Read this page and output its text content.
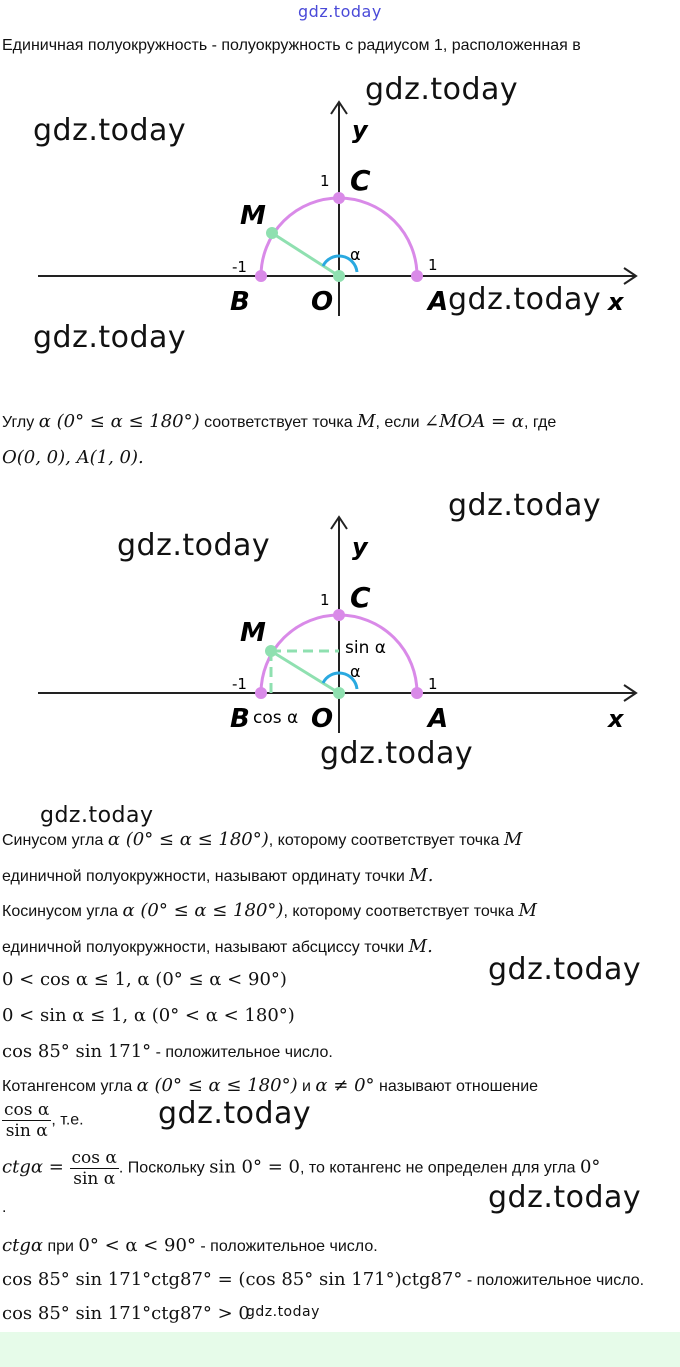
gdz.today
Единичная полуокружность - полуокружность с радиусом 1, расположенная в
y
x
C
1
M
α
-1	1
B O	A
gdz.today
gdz.today
gdz.today
gdz.today
Углу α (0° ≤ α ≤ 180°) соответствует точка M, если ∠MOA = α, где
O(0, 0), A(1, 0).
y
x
C
1
M	sin α
α
-1	1
B cos α O	A
gdz.today
gdz.today
gdz.today
gdz.today
Синусом угла α (0° ≤ α ≤ 180°), которому соответствует точка M
единичной полуокружности, называют ординату точки M.
Косинусом угла α (0° ≤ α ≤ 180°), которому соответствует точка M
единичной полуокружности, называют абсциссу точки M.
gdz.today
0 < cos α ≤ 1, α (0° ≤ α < 90°)
0 < sin α ≤ 1, α (0° < α < 180°)
cos 85° sin 171° - положительное число.
Котангенсом угла α (0° ≤ α ≤ 180°) и α ≠ 0° называют отношение
$\frac{\text{cos α}}{\text{sin α}}$ , т.е. gdz.today
$ctg\alpha = \frac{\text{cos α}}{\text{sin α}}$ . Поскольку sin 0° = 0, то котангенс не определен для угла 0°
.	gdz.today
ctgα при 0° < α < 90° - положительное число.
cos 85° sin 171°ctg87° = (cos 85° sin 171°)ctg87° - положительное число.
cos 85° sin 171°ctg87° > 0
gdz.today
